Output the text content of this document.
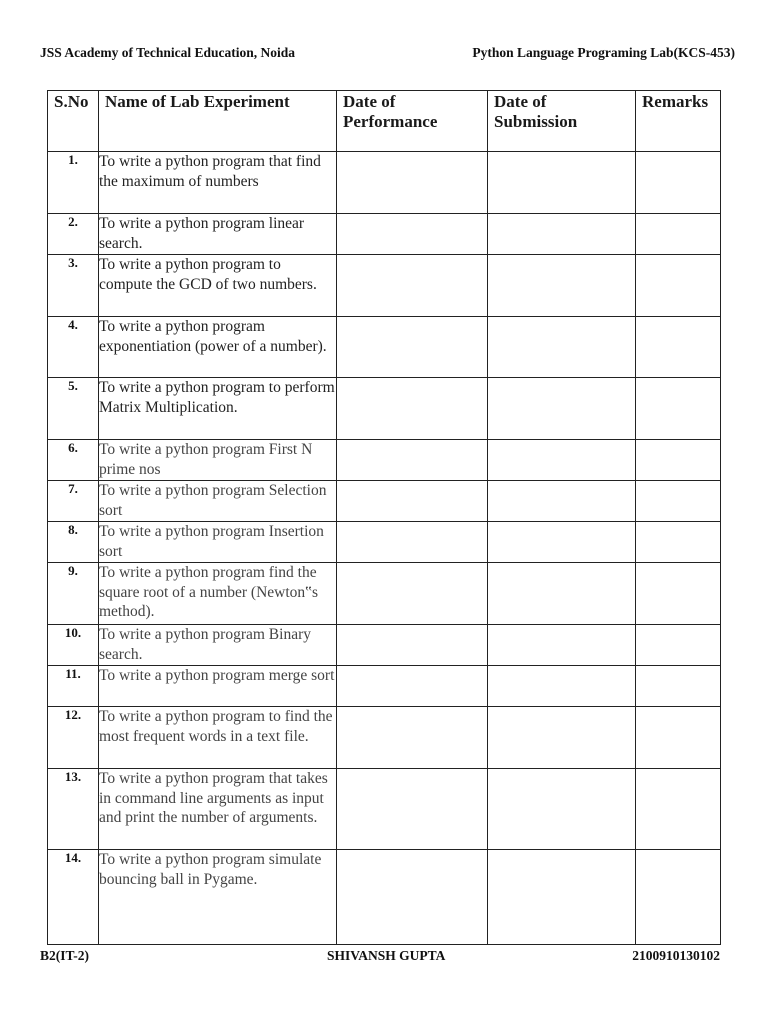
JSS Academy of Technical Education, Noida	Python Language Programing Lab(KCS-453)
S.No	Name of Lab Experiment	Date of Performance	Date of Submission	Remarks
1.	To write a python program that find the maximum of numbers			
2.	To write a python program linear search.			
3.	To write a python program to compute the GCD of two numbers.			
4.	To write a python program exponentiation (power of a number).			
5.	To write a python program to perform Matrix Multiplication.			
6.	To write a python program First N prime nos			
7.	To write a python program Selection sort			
8.	To write a python program Insertion sort			
9.	To write a python program find the square root of a number (Newton‟s method).			
10.	To write a python program Binary search.			
11.	To write a python program merge sort			
12.	To write a python program to find the most frequent words in a text file.			
13.	To write a python program that takes in command line arguments as input and print the number of arguments.			
14.	To write a python program simulate bouncing ball in Pygame.			
B2(IT-2)	SHIVANSH GUPTA	2100910130102
